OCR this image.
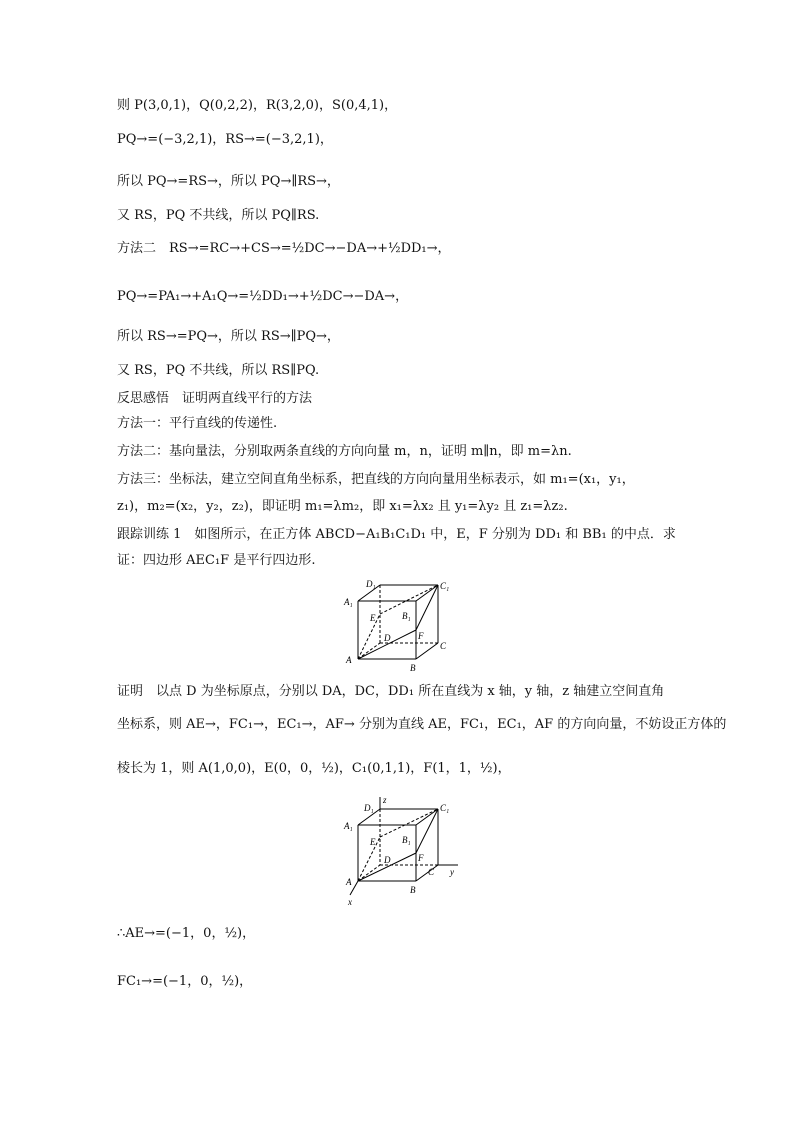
则 P(3,0,1)，Q(0,2,2)，R(3,2,0)，S(0,4,1)，
PQ→=(−3,2,1)，RS→=(−3,2,1)，
所以 PQ→=RS→，所以 PQ→∥RS→，
又 RS，PQ 不共线，所以 PQ∥RS.
方法二　RS→=RC→+CS→=½DC→−DA→+½DD₁→，
PQ→=PA₁→+A₁Q→=½DD₁→+½DC→−DA→，
所以 RS→=PQ→，所以 RS→∥PQ→，
又 RS，PQ 不共线，所以 RS∥PQ.
反思感悟　证明两直线平行的方法
方法一：平行直线的传递性.
方法二：基向量法，分别取两条直线的方向向量 m，n，证明 m∥n，即 m=λn.
方法三：坐标法，建立空间直角坐标系，把直线的方向向量用坐标表示，如 m₁=(x₁，y₁，
z₁)，m₂=(x₂，y₂，z₂)，即证明 m₁=λm₂，即 x₁=λx₂ 且 y₁=λy₂ 且 z₁=λz₂.
跟踪训练 1　如图所示，在正方体 ABCD−A₁B₁C₁D₁ 中，E，F 分别为 DD₁ 和 BB₁ 的中点．求
证：四边形 AEC₁F 是平行四边形.
D₁	C₁
A₁
B₁
E
F
D
C
A
B
证明　以点 D 为坐标原点，分别以 DA，DC，DD₁ 所在直线为 x 轴，y 轴，z 轴建立空间直角
坐标系，则 AE→，FC₁→，EC₁→，AF→ 分别为直线 AE，FC₁，EC₁，AF 的方向向量，不妨设正方体的
棱长为 1，则 A(1,0,0)，E(0，0，½)，C₁(0,1,1)，F(1，1，½)，
D₁
z
C₁
A₁
B₁
E
F
D
C y
A
B
x
∴AE→=(−1，0，½)，
FC₁→=(−1，0，½)，
